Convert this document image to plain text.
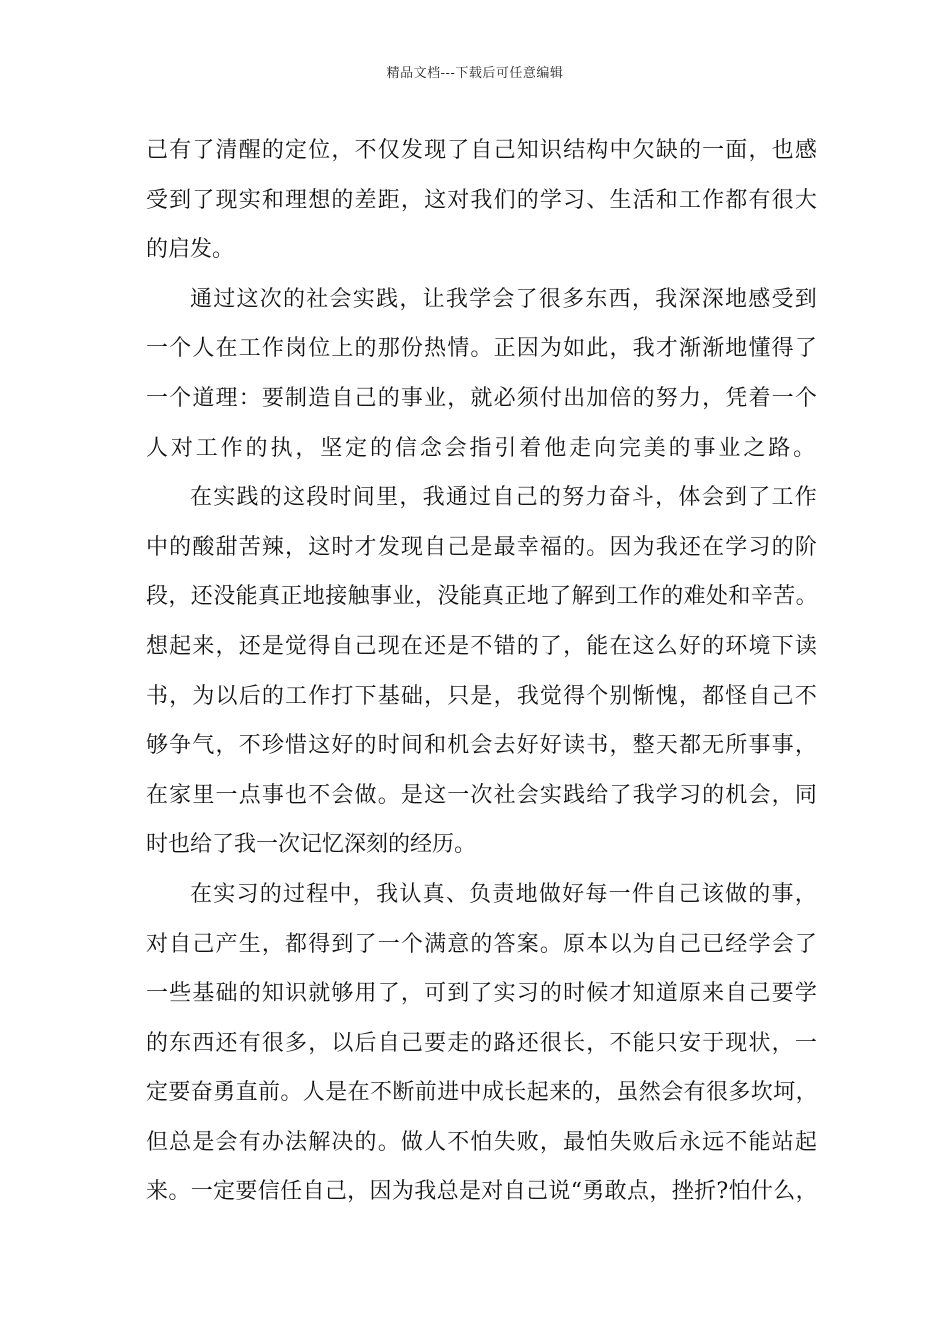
精品文档---下载后可任意编辑
己有了清醒的定位，不仅发现了自己知识结构中欠缺的一面，也感
受到了现实和理想的差距，这对我们的学习、生活和工作都有很大
的启发。
通过这次的社会实践，让我学会了很多东西，我深深地感受到
一个人在工作岗位上的那份热情。正因为如此，我才渐渐地懂得了
一个道理：要制造自己的事业，就必须付出加倍的努力，凭着一个
人对工作的执，坚定的信念会指引着他走向完美的事业之路。
在实践的这段时间里，我通过自己的努力奋斗，体会到了工作
中的酸甜苦辣，这时才发现自己是最幸福的。因为我还在学习的阶
段，还没能真正地接触事业，没能真正地了解到工作的难处和辛苦。
想起来，还是觉得自己现在还是不错的了，能在这么好的环境下读
书，为以后的工作打下基础，只是，我觉得个别惭愧，都怪自己不
够争气，不珍惜这好的时间和机会去好好读书，整天都无所事事，
在家里一点事也不会做。是这一次社会实践给了我学习的机会，同
时也给了我一次记忆深刻的经历。
在实习的过程中，我认真、负责地做好每一件自己该做的事，
对自己产生，都得到了一个满意的答案。原本以为自己已经学会了
一些基础的知识就够用了，可到了实习的时候才知道原来自己要学
的东西还有很多，以后自己要走的路还很长，不能只安于现状，一
定要奋勇直前。人是在不断前进中成长起来的，虽然会有很多坎坷，
但总是会有办法解决的。做人不怕失败，最怕失败后永远不能站起
来。一定要信任自己，因为我总是对自己说“勇敢点，挫折?怕什么，
